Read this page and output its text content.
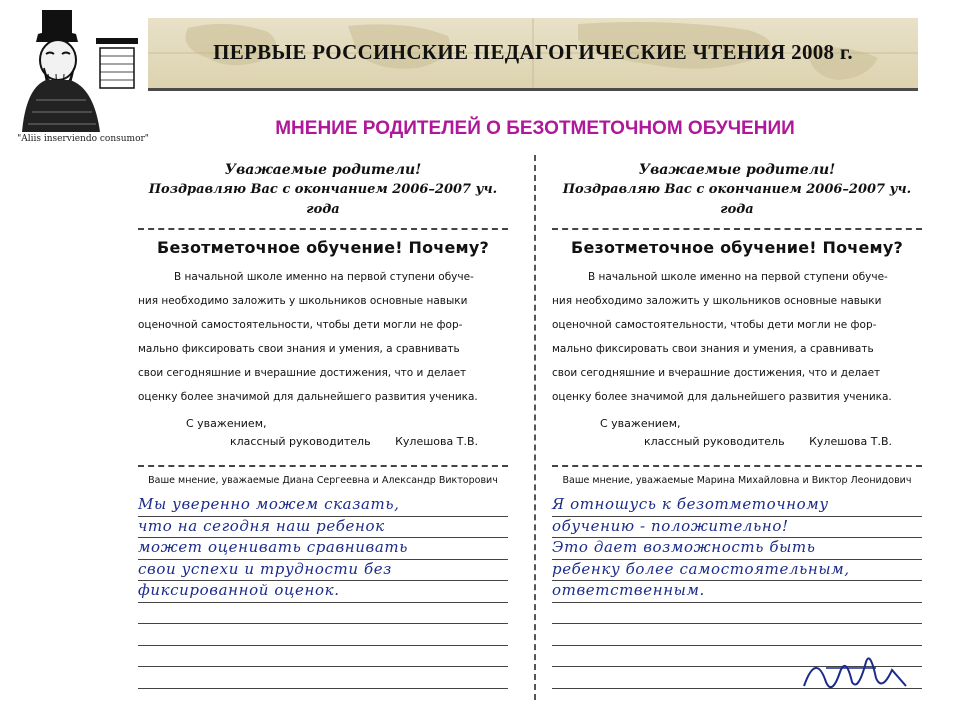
"Aliis inserviendo consumor"
ПЕРВЫЕ РОССИНСКИЕ ПЕДАГОГИЧЕСКИЕ ЧТЕНИЯ 2008 г.
МНЕНИЕ РОДИТЕЛЕЙ О БЕЗОТМЕТОЧНОМ ОБУЧЕНИИ
Уважаемые родители!
Поздравляю Вас с окончанием 2006–2007 уч. года
Безотметочное обучение! Почему?
В начальной школе именно на первой ступени обуче-
ния необходимо заложить у школьников основные навыки
оценочной самостоятельности, чтобы дети могли не фор-
мально фиксировать свои знания и умения, а сравнивать
свои сегодняшние и вчерашние достижения, что и делает
оценку более значимой для дальнейшего развития ученика.
С уважением,
классный руководитель Кулешова Т.В.
Ваше мнение, уважаемые Диана Сергеевна и Александр Викторович
Мы уверенно можем сказать,
что на сегодня наш ребенок
может оценивать сравнивать
свои успехи и трудности без
фиксированной оценок.
Уважаемые родители!
Поздравляю Вас с окончанием 2006–2007 уч. года
Безотметочное обучение! Почему?
В начальной школе именно на первой ступени обуче-
ния необходимо заложить у школьников основные навыки
оценочной самостоятельности, чтобы дети могли не фор-
мально фиксировать свои знания и умения, а сравнивать
свои сегодняшние и вчерашние достижения, что и делает
оценку более значимой для дальнейшего развития ученика.
С уважением,
классный руководитель Кулешова Т.В.
Ваше мнение, уважаемые Марина Михайловна и Виктор Леонидович
Я отношусь к безотметочному
обучению - положительно!
Это дает возможность быть
ребенку более самостоятельным,
ответственным.
